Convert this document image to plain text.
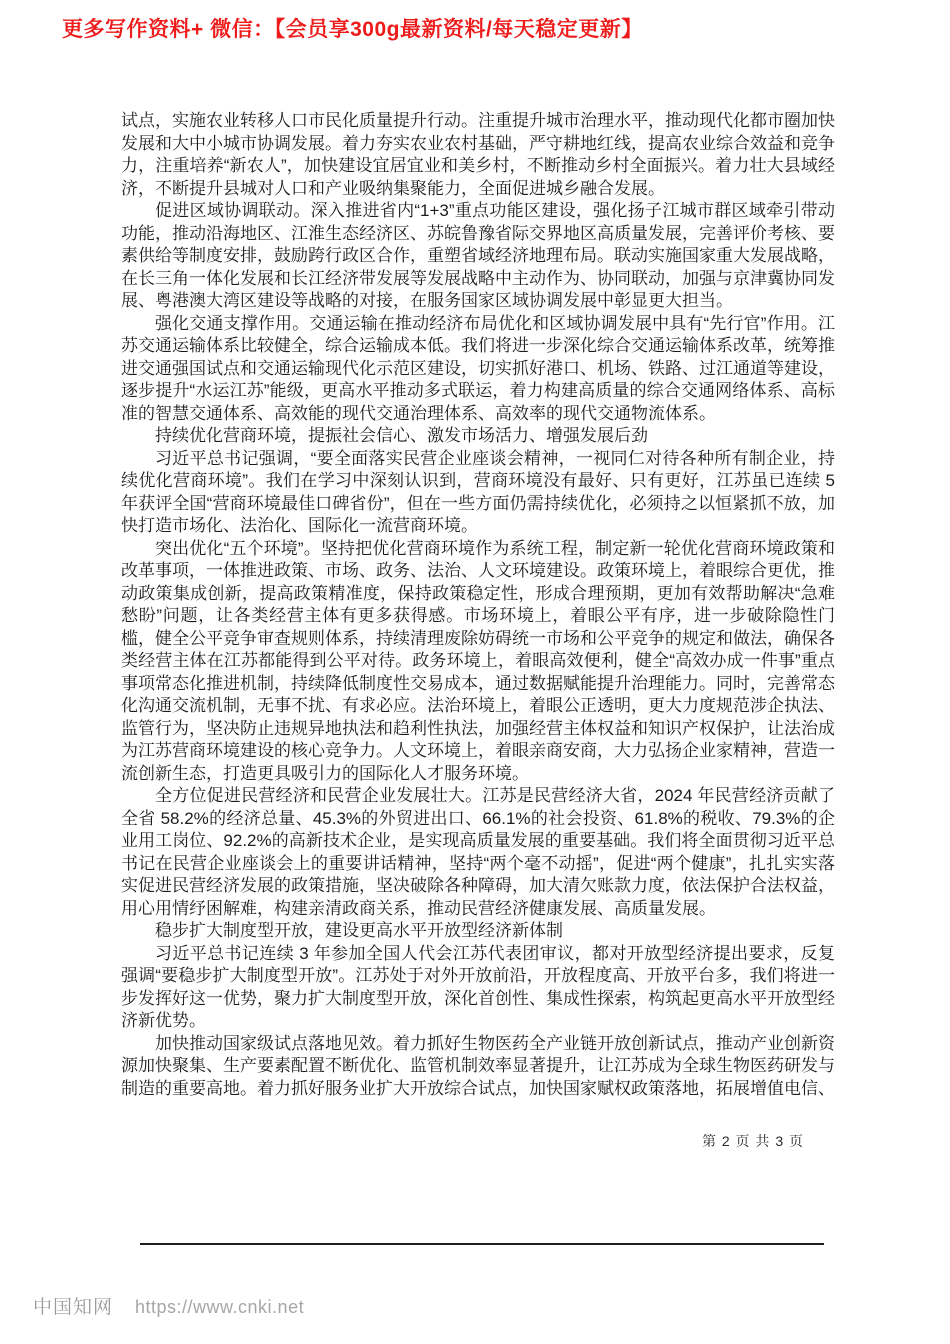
更多写作资料+ 微信：【会员享300g最新资料/每天稳定更新】

试点，实施农业转移人口市民化质量提升行动。注重提升城市治理水平，推动现代化都市圈加快发展和大中小城市协调发展。着力夯实农业农村基础，严守耕地红线，提高农业综合效益和竞争力，注重培养“新农人”，加快建设宜居宜业和美乡村，不断推动乡村全面振兴。着力壮大县域经济，不断提升县城对人口和产业吸纳集聚能力，全面促进城乡融合发展。

促进区域协调联动。深入推进省内“1+3”重点功能区建设，强化扬子江城市群区域牵引带动功能，推动沿海地区、江淮生态经济区、苏皖鲁豫省际交界地区高质量发展，完善评价考核、要素供给等制度安排，鼓励跨行政区合作，重塑省域经济地理布局。联动实施国家重大发展战略，在长三角一体化发展和长江经济带发展等发展战略中主动作为、协同联动，加强与京津冀协同发展、粤港澳大湾区建设等战略的对接，在服务国家区域协调发展中彰显更大担当。

强化交通支撑作用。交通运输在推动经济布局优化和区域协调发展中具有“先行官”作用。江苏交通运输体系比较健全，综合运输成本低。我们将进一步深化综合交通运输体系改革，统筹推进交通强国试点和交通运输现代化示范区建设，切实抓好港口、机场、铁路、过江通道等建设，逐步提升“水运江苏”能级，更高水平推动多式联运，着力构建高质量的综合交通网络体系、高标准的智慧交通体系、高效能的现代交通治理体系、高效率的现代交通物流体系。

持续优化营商环境，提振社会信心、激发市场活力、增强发展后劲

习近平总书记强调，“要全面落实民营企业座谈会精神，一视同仁对待各种所有制企业，持续优化营商环境”。我们在学习中深刻认识到，营商环境没有最好、只有更好，江苏虽已连续 5 年获评全国“营商环境最佳口碑省份”，但在一些方面仍需持续优化，必须持之以恒紧抓不放，加快打造市场化、法治化、国际化一流营商环境。

突出优化“五个环境”。坚持把优化营商环境作为系统工程，制定新一轮优化营商环境政策和改革事项，一体推进政策、市场、政务、法治、人文环境建设。政策环境上，着眼综合更优，推动政策集成创新，提高政策精准度，保持政策稳定性，形成合理预期，更加有效帮助解决“急难愁盼”问题，让各类经营主体有更多获得感。市场环境上，着眼公平有序，进一步破除隐性门槛，健全公平竞争审查规则体系，持续清理废除妨碍统一市场和公平竞争的规定和做法，确保各类经营主体在江苏都能得到公平对待。政务环境上，着眼高效便利，健全“高效办成一件事”重点事项常态化推进机制，持续降低制度性交易成本，通过数据赋能提升治理能力。同时，完善常态化沟通交流机制，无事不扰、有求必应。法治环境上，着眼公正透明，更大力度规范涉企执法、监管行为，坚决防止违规异地执法和趋利性执法，加强经营主体权益和知识产权保护，让法治成为江苏营商环境建设的核心竞争力。人文环境上，着眼亲商安商，大力弘扬企业家精神，营造一流创新生态，打造更具吸引力的国际化人才服务环境。

全方位促进民营经济和民营企业发展壮大。江苏是民营经济大省，2024 年民营经济贡献了全省 58.2%的经济总量、45.3%的外贸进出口、66.1%的社会投资、61.8%的税收、79.3%的企业用工岗位、92.2%的高新技术企业，是实现高质量发展的重要基础。我们将全面贯彻习近平总书记在民营企业座谈会上的重要讲话精神，坚持“两个毫不动摇”，促进“两个健康”，扎扎实实落实促进民营经济发展的政策措施，坚决破除各种障碍，加大清欠账款力度，依法保护合法权益，用心用情纾困解难，构建亲清政商关系，推动民营经济健康发展、高质量发展。

稳步扩大制度型开放，建设更高水平开放型经济新体制

习近平总书记连续 3 年参加全国人代会江苏代表团审议，都对开放型经济提出要求，反复强调“要稳步扩大制度型开放”。江苏处于对外开放前沿，开放程度高、开放平台多，我们将进一步发挥好这一优势，聚力扩大制度型开放，深化首创性、集成性探索，构筑起更高水平开放型经济新优势。

加快推动国家级试点落地见效。着力抓好生物医药全产业链开放创新试点，推动产业创新资源加快聚集、生产要素配置不断优化、监管机制效率显著提升，让江苏成为全球生物医药研发与制造的重要高地。着力抓好服务业扩大开放综合试点，加快国家赋权政策落地，拓展增值电信、

第 2 页 共 3 页
中国知网 https://www.cnki.net
